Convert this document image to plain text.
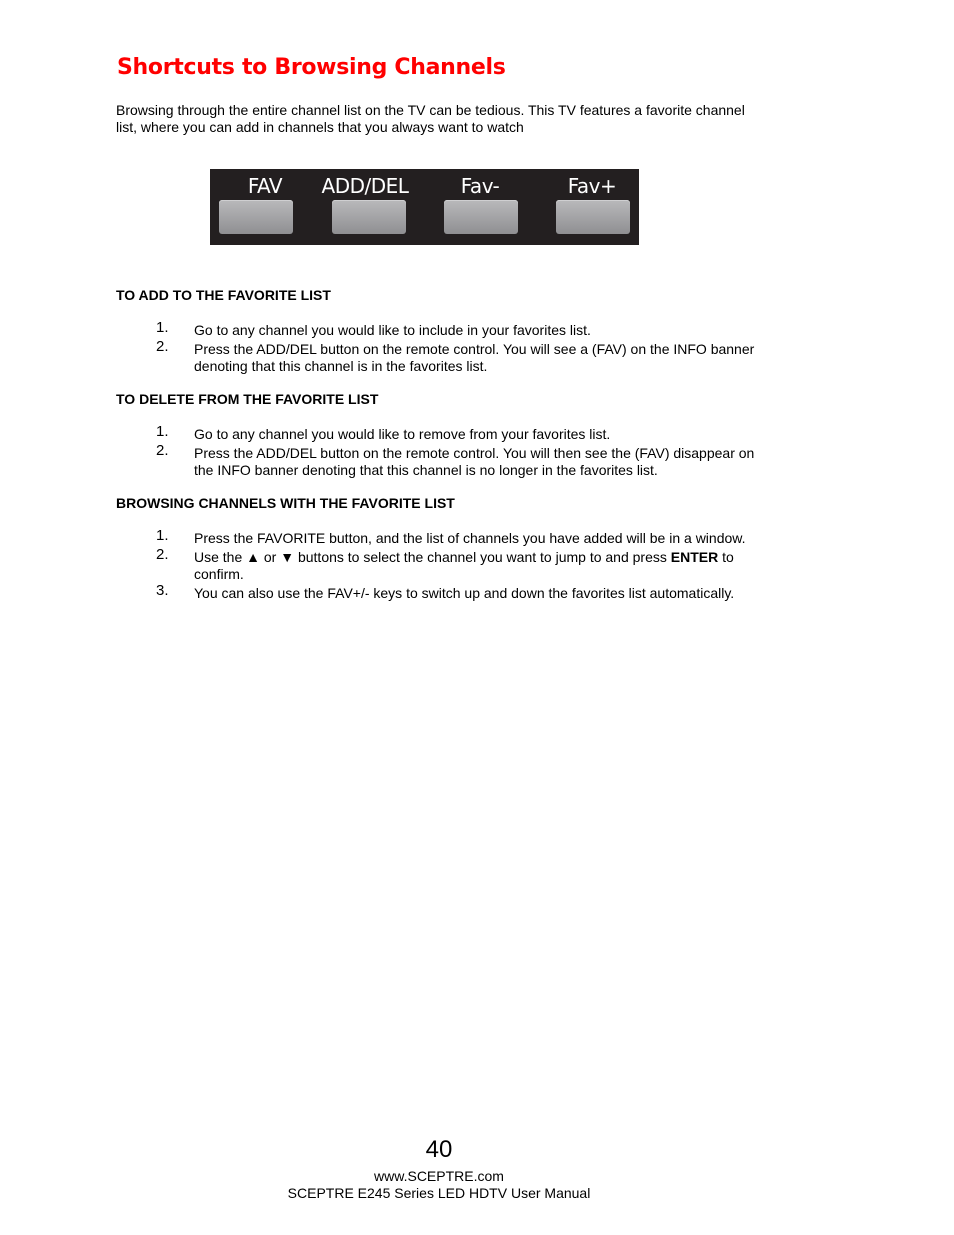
Shortcuts to Browsing Channels

Browsing through the entire channel list on the TV can be tedious. This TV features a favorite channel list, where you can add in channels that you always want to watch

FAV	ADD/DEL	Fav-	Fav+
TO ADD TO THE FAVORITE LIST
1. Go to any channel you would like to include in your favorites list.
2. Press the ADD/DEL button on the remote control. You will see a (FAV) on the INFO banner denoting that this channel is in the favorites list.
TO DELETE FROM THE FAVORITE LIST
1. Go to any channel you would like to remove from your favorites list.
2. Press the ADD/DEL button on the remote control. You will then see the (FAV) disappear on the INFO banner denoting that this channel is no longer in the favorites list.
BROWSING CHANNELS WITH THE FAVORITE LIST
1. Press the FAVORITE button, and the list of channels you have added will be in a window.
2. Use the ▲ or ▼ buttons to select the channel you want to jump to and press ENTER to confirm.
3. You can also use the FAV+/- keys to switch up and down the favorites list automatically.
40
www.SCEPTRE.com
SCEPTRE E245 Series LED HDTV User Manual
